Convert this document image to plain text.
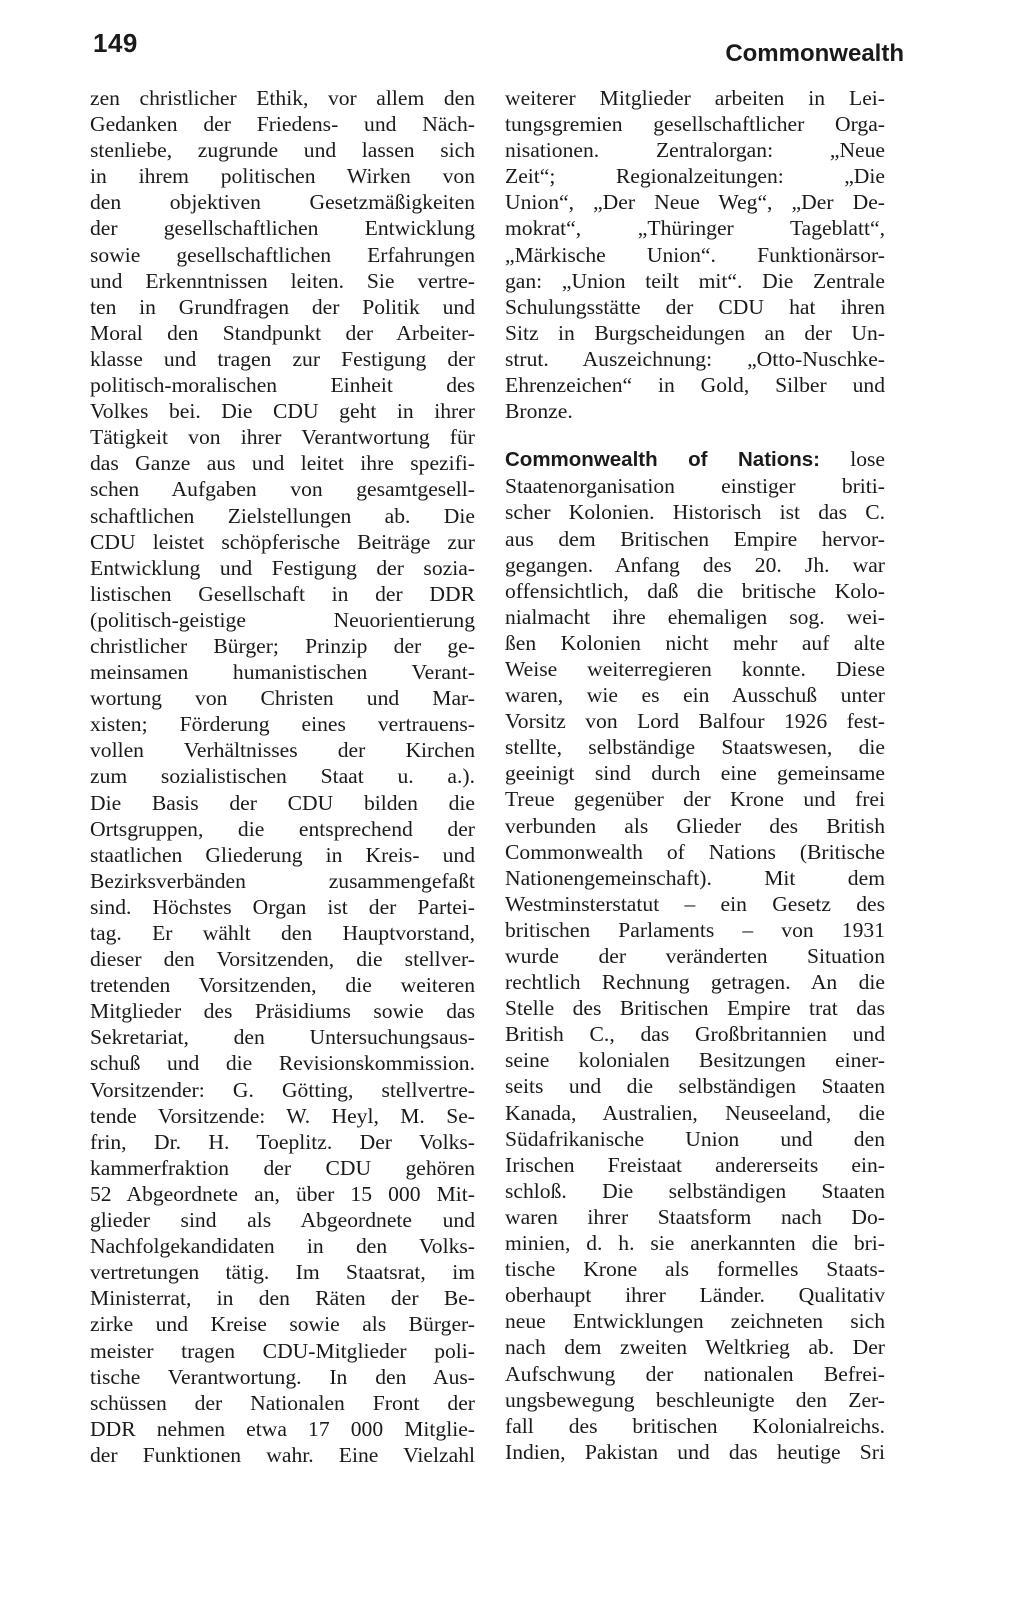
149	Commonwealth
zen christlicher Ethik, vor allem den
Gedanken der Friedens- und Näch-
stenliebe, zugrunde und lassen sich
in ihrem politischen Wirken von
den objektiven Gesetzmäßigkeiten
der gesellschaftlichen Entwicklung
sowie gesellschaftlichen Erfahrungen
und Erkenntnissen leiten. Sie vertre-
ten in Grundfragen der Politik und
Moral den Standpunkt der Arbeiter-
klasse und tragen zur Festigung der
politisch-moralischen Einheit des
Volkes bei. Die CDU geht in ihrer
Tätigkeit von ihrer Verantwortung für
das Ganze aus und leitet ihre spezifi-
schen Aufgaben von gesamtgesell-
schaftlichen Zielstellungen ab. Die
CDU leistet schöpferische Beiträge zur
Entwicklung und Festigung der sozia-
listischen Gesellschaft in der DDR
(politisch-geistige Neuorientierung
christlicher Bürger; Prinzip der ge-
meinsamen humanistischen Verant-
wortung von Christen und Mar-
xisten; Förderung eines vertrauens-
vollen Verhältnisses der Kirchen
zum sozialistischen Staat u. a.).
Die Basis der CDU bilden die
Ortsgruppen, die entsprechend der
staatlichen Gliederung in Kreis- und
Bezirksverbänden zusammengefaßt
sind. Höchstes Organ ist der Partei-
tag. Er wählt den Hauptvorstand,
dieser den Vorsitzenden, die stellver-
tretenden Vorsitzenden, die weiteren
Mitglieder des Präsidiums sowie das
Sekretariat, den Untersuchungsaus-
schuß und die Revisionskommission.
Vorsitzender: G. Götting, stellvertre-
tende Vorsitzende: W. Heyl, M. Se-
frin, Dr. H. Toeplitz. Der Volks-
kammerfraktion der CDU gehören
52 Abgeordnete an, über 15 000 Mit-
glieder sind als Abgeordnete und
Nachfolgekandidaten in den Volks-
vertretungen tätig. Im Staatsrat, im
Ministerrat, in den Räten der Be-
zirke und Kreise sowie als Bürger-
meister tragen CDU-Mitglieder poli-
tische Verantwortung. In den Aus-
schüssen der Nationalen Front der
DDR nehmen etwa 17 000 Mitglie-
der Funktionen wahr. Eine Vielzahl
weiterer Mitglieder arbeiten in Lei-
tungsgremien gesellschaftlicher Orga-
nisationen. Zentralorgan: „Neue
Zeit“; Regionalzeitungen: „Die
Union“, „Der Neue Weg“, „Der De-
mokrat“, „Thüringer Tageblatt“,
„Märkische Union“. Funktionärsor-
gan: „Union teilt mit“. Die Zentrale
Schulungsstätte der CDU hat ihren
Sitz in Burgscheidungen an der Un-
strut. Auszeichnung: „Otto-Nuschke-
Ehrenzeichen“ in Gold, Silber und
Bronze.
Commonwealth of Nations: lose
Staatenorganisation einstiger briti-
scher Kolonien. Historisch ist das C.
aus dem Britischen Empire hervor-
gegangen. Anfang des 20. Jh. war
offensichtlich, daß die britische Kolo-
nialmacht ihre ehemaligen sog. wei-
ßen Kolonien nicht mehr auf alte
Weise weiterregieren konnte. Diese
waren, wie es ein Ausschuß unter
Vorsitz von Lord Balfour 1926 fest-
stellte, selbständige Staatswesen, die
geeinigt sind durch eine gemeinsame
Treue gegenüber der Krone und frei
verbunden als Glieder des British
Commonwealth of Nations (Britische
Nationengemeinschaft). Mit dem
Westminsterstatut – ein Gesetz des
britischen Parlaments – von 1931
wurde der veränderten Situation
rechtlich Rechnung getragen. An die
Stelle des Britischen Empire trat das
British C., das Großbritannien und
seine kolonialen Besitzungen einer-
seits und die selbständigen Staaten
Kanada, Australien, Neuseeland, die
Südafrikanische Union und den
Irischen Freistaat andererseits ein-
schloß. Die selbständigen Staaten
waren ihrer Staatsform nach Do-
minien, d. h. sie anerkannten die bri-
tische Krone als formelles Staats-
oberhaupt ihrer Länder. Qualitativ
neue Entwicklungen zeichneten sich
nach dem zweiten Weltkrieg ab. Der
Aufschwung der nationalen Befrei-
ungsbewegung beschleunigte den Zer-
fall des britischen Kolonialreichs.
Indien, Pakistan und das heutige Sri
